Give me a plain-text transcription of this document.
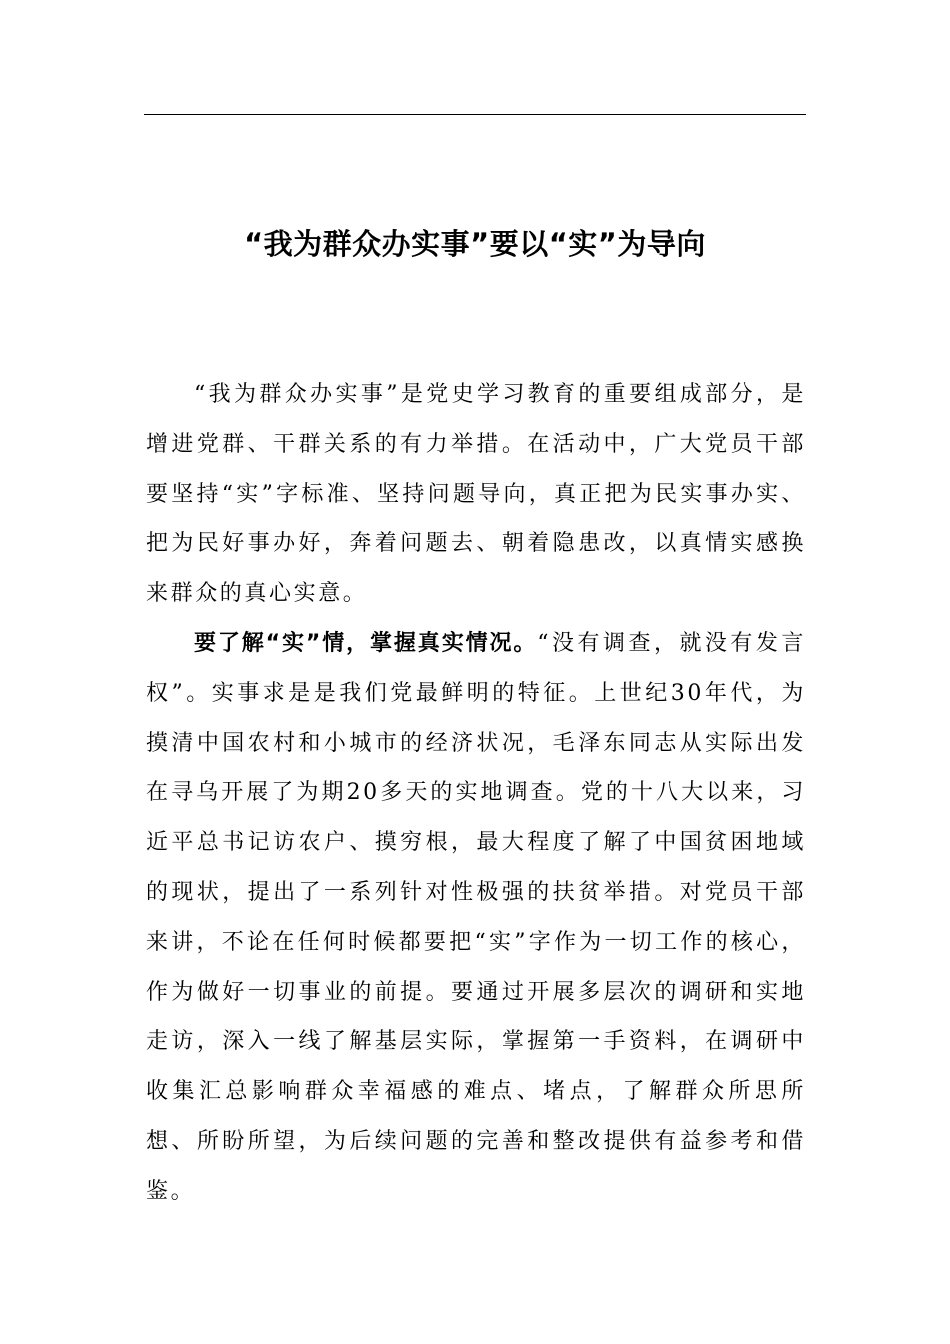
“我为群众办实事”要以“实”为导向

“我为群众办实事”是党史学习教育的重要组成部分，是增进党群、干群关系的有力举措。在活动中，广大党员干部要坚持“实”字标准、坚持问题导向，真正把为民实事办实、把为民好事办好，奔着问题去、朝着隐患改，以真情实感换来群众的真心实意。

要了解“实”情，掌握真实情况。“没有调查，就没有发言权”。实事求是是我们党最鲜明的特征。上世纪30年代，为摸清中国农村和小城市的经济状况，毛泽东同志从实际出发在寻乌开展了为期20多天的实地调查。党的十八大以来，习近平总书记访农户、摸穷根，最大程度了解了中国贫困地域的现状，提出了一系列针对性极强的扶贫举措。对党员干部来讲，不论在任何时候都要把“实”字作为一切工作的核心，作为做好一切事业的前提。要通过开展多层次的调研和实地走访，深入一线了解基层实际，掌握第一手资料，在调研中收集汇总影响群众幸福感的难点、堵点，了解群众所思所想、所盼所望，为后续问题的完善和整改提供有益参考和借鉴。
